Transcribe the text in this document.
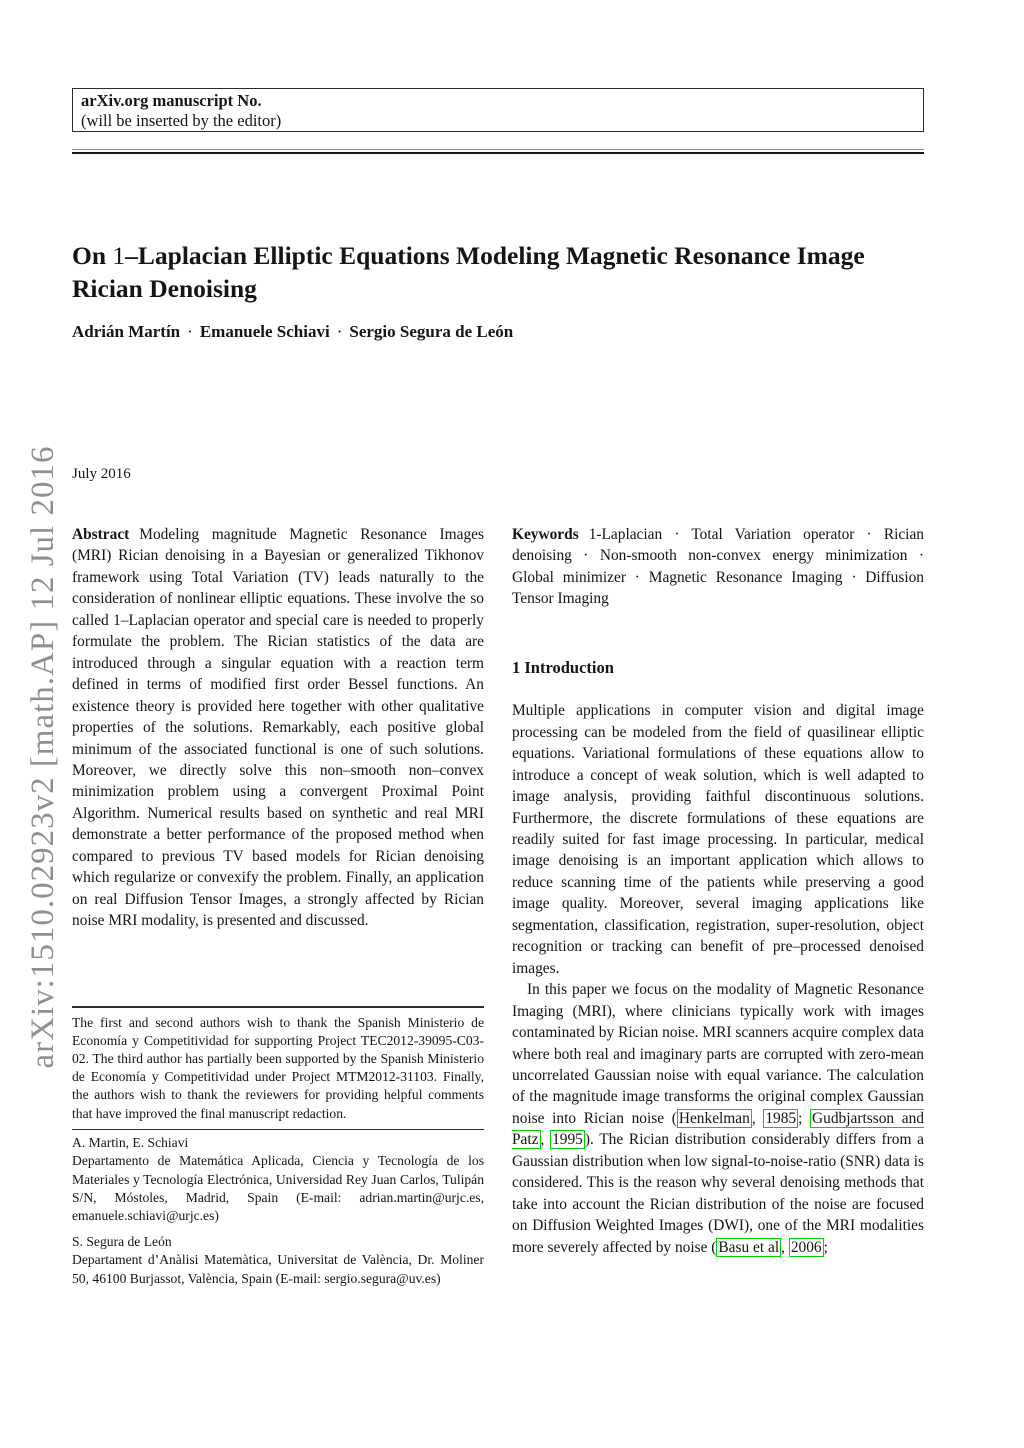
arXiv:1510.02923v2 [math.AP] 12 Jul 2016
arXiv.org manuscript No.
(will be inserted by the editor)
On 1–Laplacian Elliptic Equations Modeling Magnetic Resonance Image Rician Denoising
Adrián Martín · Emanuele Schiavi · Sergio Segura de León
July 2016

Abstract Modeling magnitude Magnetic Resonance Images (MRI) Rician denoising in a Bayesian or generalized Tikhonov framework using Total Variation (TV) leads naturally to the consideration of nonlinear elliptic equations. These involve the so called 1–Laplacian operator and special care is needed to properly formulate the problem. The Rician statistics of the data are introduced through a singular equation with a reaction term defined in terms of modified first order Bessel functions. An existence theory is provided here together with other qualitative properties of the solutions. Remarkably, each positive global minimum of the associated functional is one of such solutions. Moreover, we directly solve this non–smooth non–convex minimization problem using a convergent Proximal Point Algorithm. Numerical results based on synthetic and real MRI demonstrate a better performance of the proposed method when compared to previous TV based models for Rician denoising which regularize or convexify the problem. Finally, an application on real Diffusion Tensor Images, a strongly affected by Rician noise MRI modality, is presented and discussed.

The first and second authors wish to thank the Spanish Ministerio de Economía y Competitividad for supporting Project TEC2012-39095-C03-02. The third author has partially been supported by the Spanish Ministerio de Economía y Competitividad under Project MTM2012-31103. Finally, the authors wish to thank the reviewers for providing helpful comments that have improved the final manuscript redaction.

A. Martin, E. Schiavi
Departamento de Matemática Aplicada, Ciencia y Tecnología de los Materiales y Tecnología Electrónica, Universidad Rey Juan Carlos, Tulipán S/N, Móstoles, Madrid, Spain (E-mail: adrian.martin@urjc.es, emanuele.schiavi@urjc.es)

S. Segura de León
Departament d’Anàlisi Matemàtica, Universitat de València, Dr. Moliner 50, 46100 Burjassot, València, Spain (E-mail: sergio.segura@uv.es)

Keywords 1-Laplacian · Total Variation operator · Rician denoising · Non-smooth non-convex energy minimization · Global minimizer · Magnetic Resonance Imaging · Diffusion Tensor Imaging

1 Introduction

Multiple applications in computer vision and digital image processing can be modeled from the field of quasilinear elliptic equations. Variational formulations of these equations allow to introduce a concept of weak solution, which is well adapted to image analysis, providing faithful discontinuous solutions. Furthermore, the discrete formulations of these equations are readily suited for fast image processing. In particular, medical image denoising is an important application which allows to reduce scanning time of the patients while preserving a good image quality. Moreover, several imaging applications like segmentation, classification, registration, super-resolution, object recognition or tracking can benefit of pre–processed denoised images.

In this paper we focus on the modality of Magnetic Resonance Imaging (MRI), where clinicians typically work with images contaminated by Rician noise. MRI scanners acquire complex data where both real and imaginary parts are corrupted with zero-mean uncorrelated Gaussian noise with equal variance. The calculation of the magnitude image transforms the original complex Gaussian noise into Rician noise ( Henkelman , 1985 ; Gudbjartsson and Patz , 1995 ). The Rician distribution considerably differs from a Gaussian distribution when low signal-to-noise-ratio (SNR) data is considered. This is the reason why several denoising methods that take into account the Rician distribution of the noise are focused on Diffusion Weighted Images (DWI), one of the MRI modalities more severely affected by noise ( Basu et al , 2006 ;
